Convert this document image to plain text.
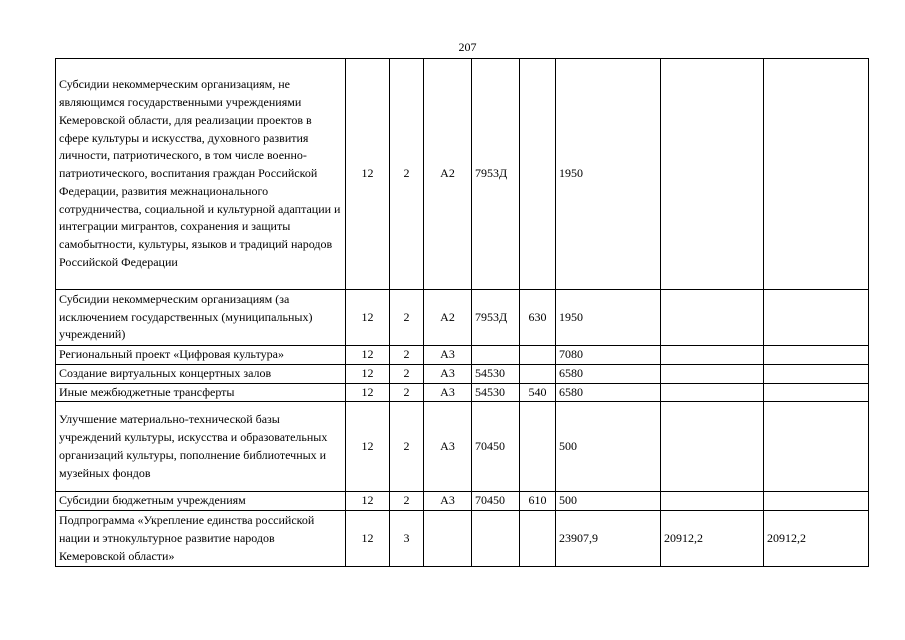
207
Субсидии некоммерческим организациям, не являющимся государственными учреждениями Кемеровской области, для реализации проектов в сфере культуры и искусства, духовного развития личности, патриотического, в том числе военно-патриотического, воспитания граждан Российской Федерации, развития межнационального сотрудничества, социальной и культурной адаптации и интеграции мигрантов, сохранения и защиты самобытности, культуры, языков и традиций народов Российской Федерации	12	2	А2	7953Д		1950		
Субсидии некоммерческим организациям (за исключением государственных (муниципальных) учреждений)	12	2	А2	7953Д	630	1950		
Региональный проект «Цифровая культура»	12	2	А3			7080		
Создание виртуальных концертных залов	12	2	А3	54530		6580		
Иные межбюджетные трансферты	12	2	А3	54530	540	6580		
Улучшение материально-технической базы учреждений культуры, искусства и образовательных организаций культуры, пополнение библиотечных и музейных фондов	12	2	А3	70450		500		
Субсидии бюджетным учреждениям	12	2	А3	70450	610	500		
Подпрограмма «Укрепление единства российской нации и этнокультурное развитие народов Кемеровской области»	12	3				23907,9	20912,2	20912,2
